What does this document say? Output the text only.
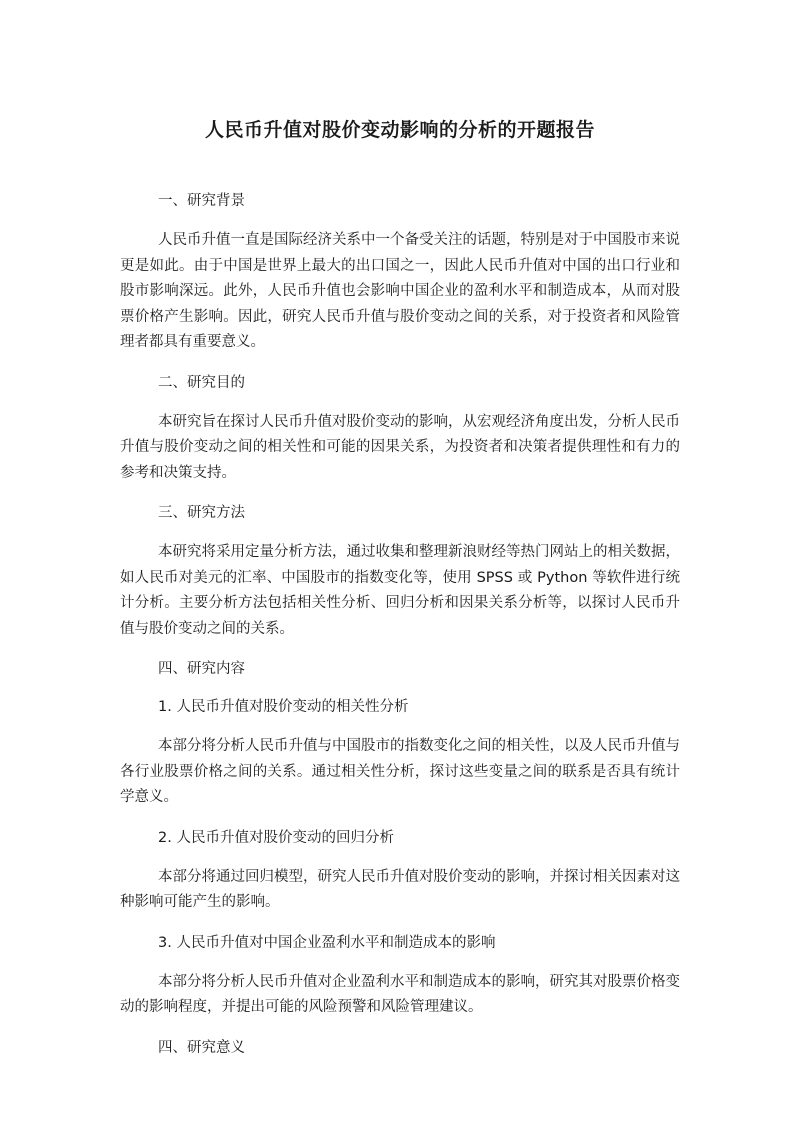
人民币升值对股价变动影响的分析的开题报告

一、研究背景

人民币升值一直是国际经济关系中一个备受关注的话题，特别是对于中国股市来说更是如此。由于中国是世界上最大的出口国之一，因此人民币升值对中国的出口行业和股市影响深远。此外，人民币升值也会影响中国企业的盈利水平和制造成本，从而对股票价格产生影响。因此，研究人民币升值与股价变动之间的关系，对于投资者和风险管理者都具有重要意义。

二、研究目的

本研究旨在探讨人民币升值对股价变动的影响，从宏观经济角度出发，分析人民币升值与股价变动之间的相关性和可能的因果关系，为投资者和决策者提供理性和有力的参考和决策支持。

三、研究方法

本研究将采用定量分析方法，通过收集和整理新浪财经等热门网站上的相关数据，如人民币对美元的汇率、中国股市的指数变化等，使用 SPSS 或 Python 等软件进行统计分析。主要分析方法包括相关性分析、回归分析和因果关系分析等，以探讨人民币升值与股价变动之间的关系。

四、研究内容

1. 人民币升值对股价变动的相关性分析

本部分将分析人民币升值与中国股市的指数变化之间的相关性，以及人民币升值与各行业股票价格之间的关系。通过相关性分析，探讨这些变量之间的联系是否具有统计学意义。

2. 人民币升值对股价变动的回归分析

本部分将通过回归模型，研究人民币升值对股价变动的影响，并探讨相关因素对这种影响可能产生的影响。

3. 人民币升值对中国企业盈利水平和制造成本的影响

本部分将分析人民币升值对企业盈利水平和制造成本的影响，研究其对股票价格变动的影响程度，并提出可能的风险预警和风险管理建议。

四、研究意义
